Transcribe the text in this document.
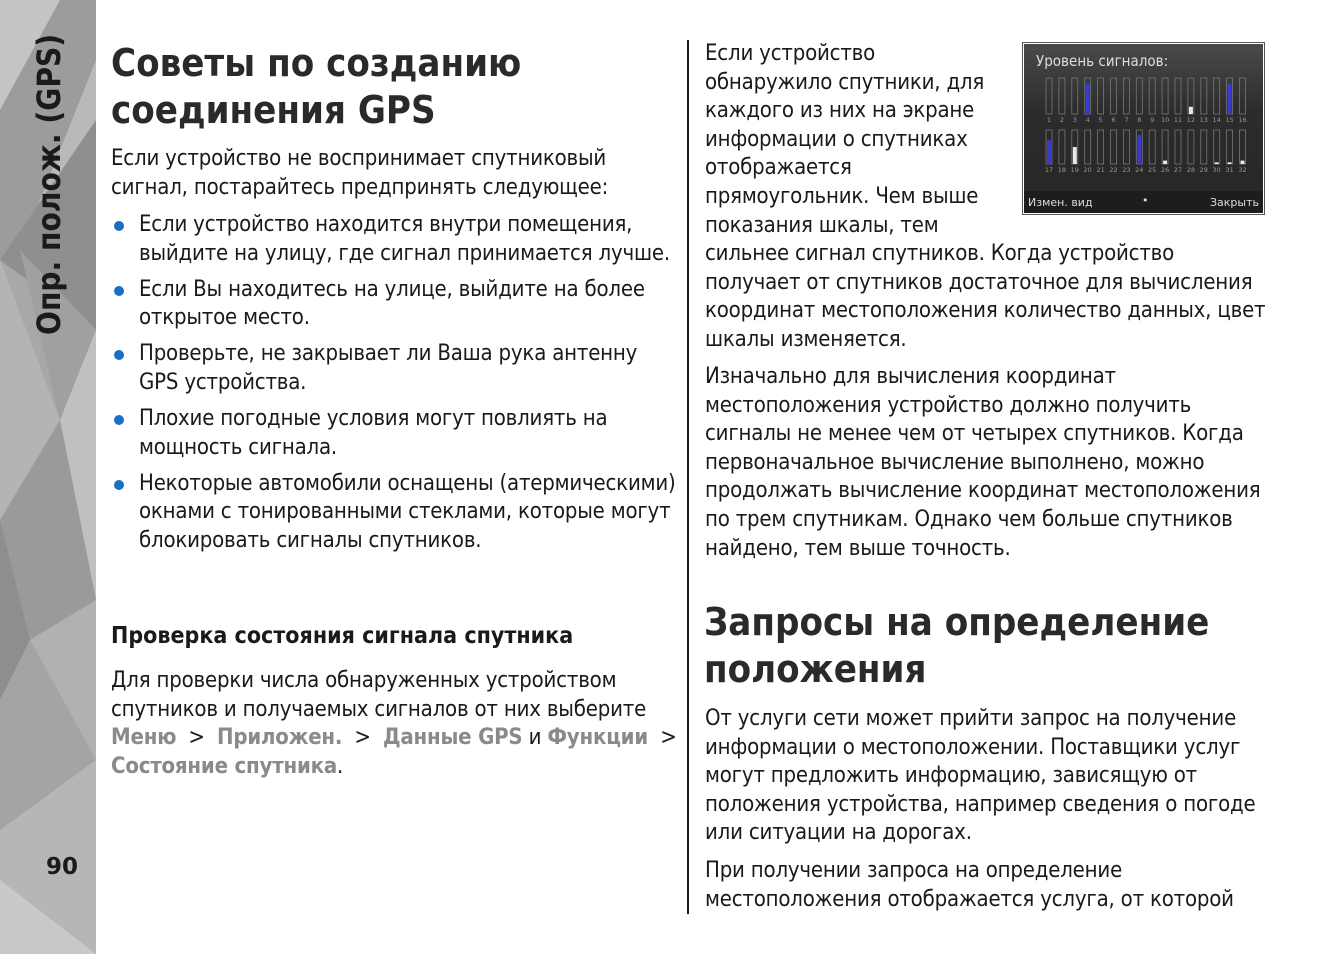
Опр. полож. (GPS)
90
Советы по созданию
соединения GPS

Если устройство не воспринимает спутниковый сигнал, постарайтесь предпринять следующее:

Если устройство находится внутри помещения, выйдите на улицу, где сигнал принимается лучше.
Если Вы находитесь на улице, выйдите на более открытое место.
Проверьте, не закрывает ли Ваша рука антенну GPS устройства.
Плохие погодные условия могут повлиять на мощность сигнала.
Некоторые автомобили оснащены (атермическими) окнами с тонированными стеклами, которые могут блокировать сигналы спутников.
Проверка состояния сигнала спутника

Для проверки числа обнаруженных устройством спутников и получаемых сигналов от них выберите Меню > Приложен. > Данные GPS и Функции > Состояние спутника.

Если устройство обнаружило спутники, для каждого из них на экране информации о спутниках отображается прямоугольник. Чем выше показания шкалы, тем

Уровень сигналов:
1 2 3 4 5 6 7 8 9 10 11 12 13 14 15 16
17 18 19 20 21 22 23 24 25 26 27 28 29 30 31 32
Измен. вид	•	Закрыть

сильнее сигнал спутников. Когда устройство получает от спутников достаточное для вычисления координат местоположения количество данных, цвет шкалы изменяется.

Изначально для вычисления координат местоположения устройство должно получить сигналы не менее чем от четырех спутников. Когда первоначальное вычисление выполнено, можно продолжать вычисление координат местоположения по трем спутникам. Однако чем больше спутников найдено, тем выше точность.

Запросы на определение
положения

От услуги сети может прийти запрос на получение информации о местоположении. Поставщики услуг могут предложить информацию, зависящую от положения устройства, например сведения о погоде или ситуации на дорогах.

При получении запроса на определение местоположения отображается услуга, от которой
